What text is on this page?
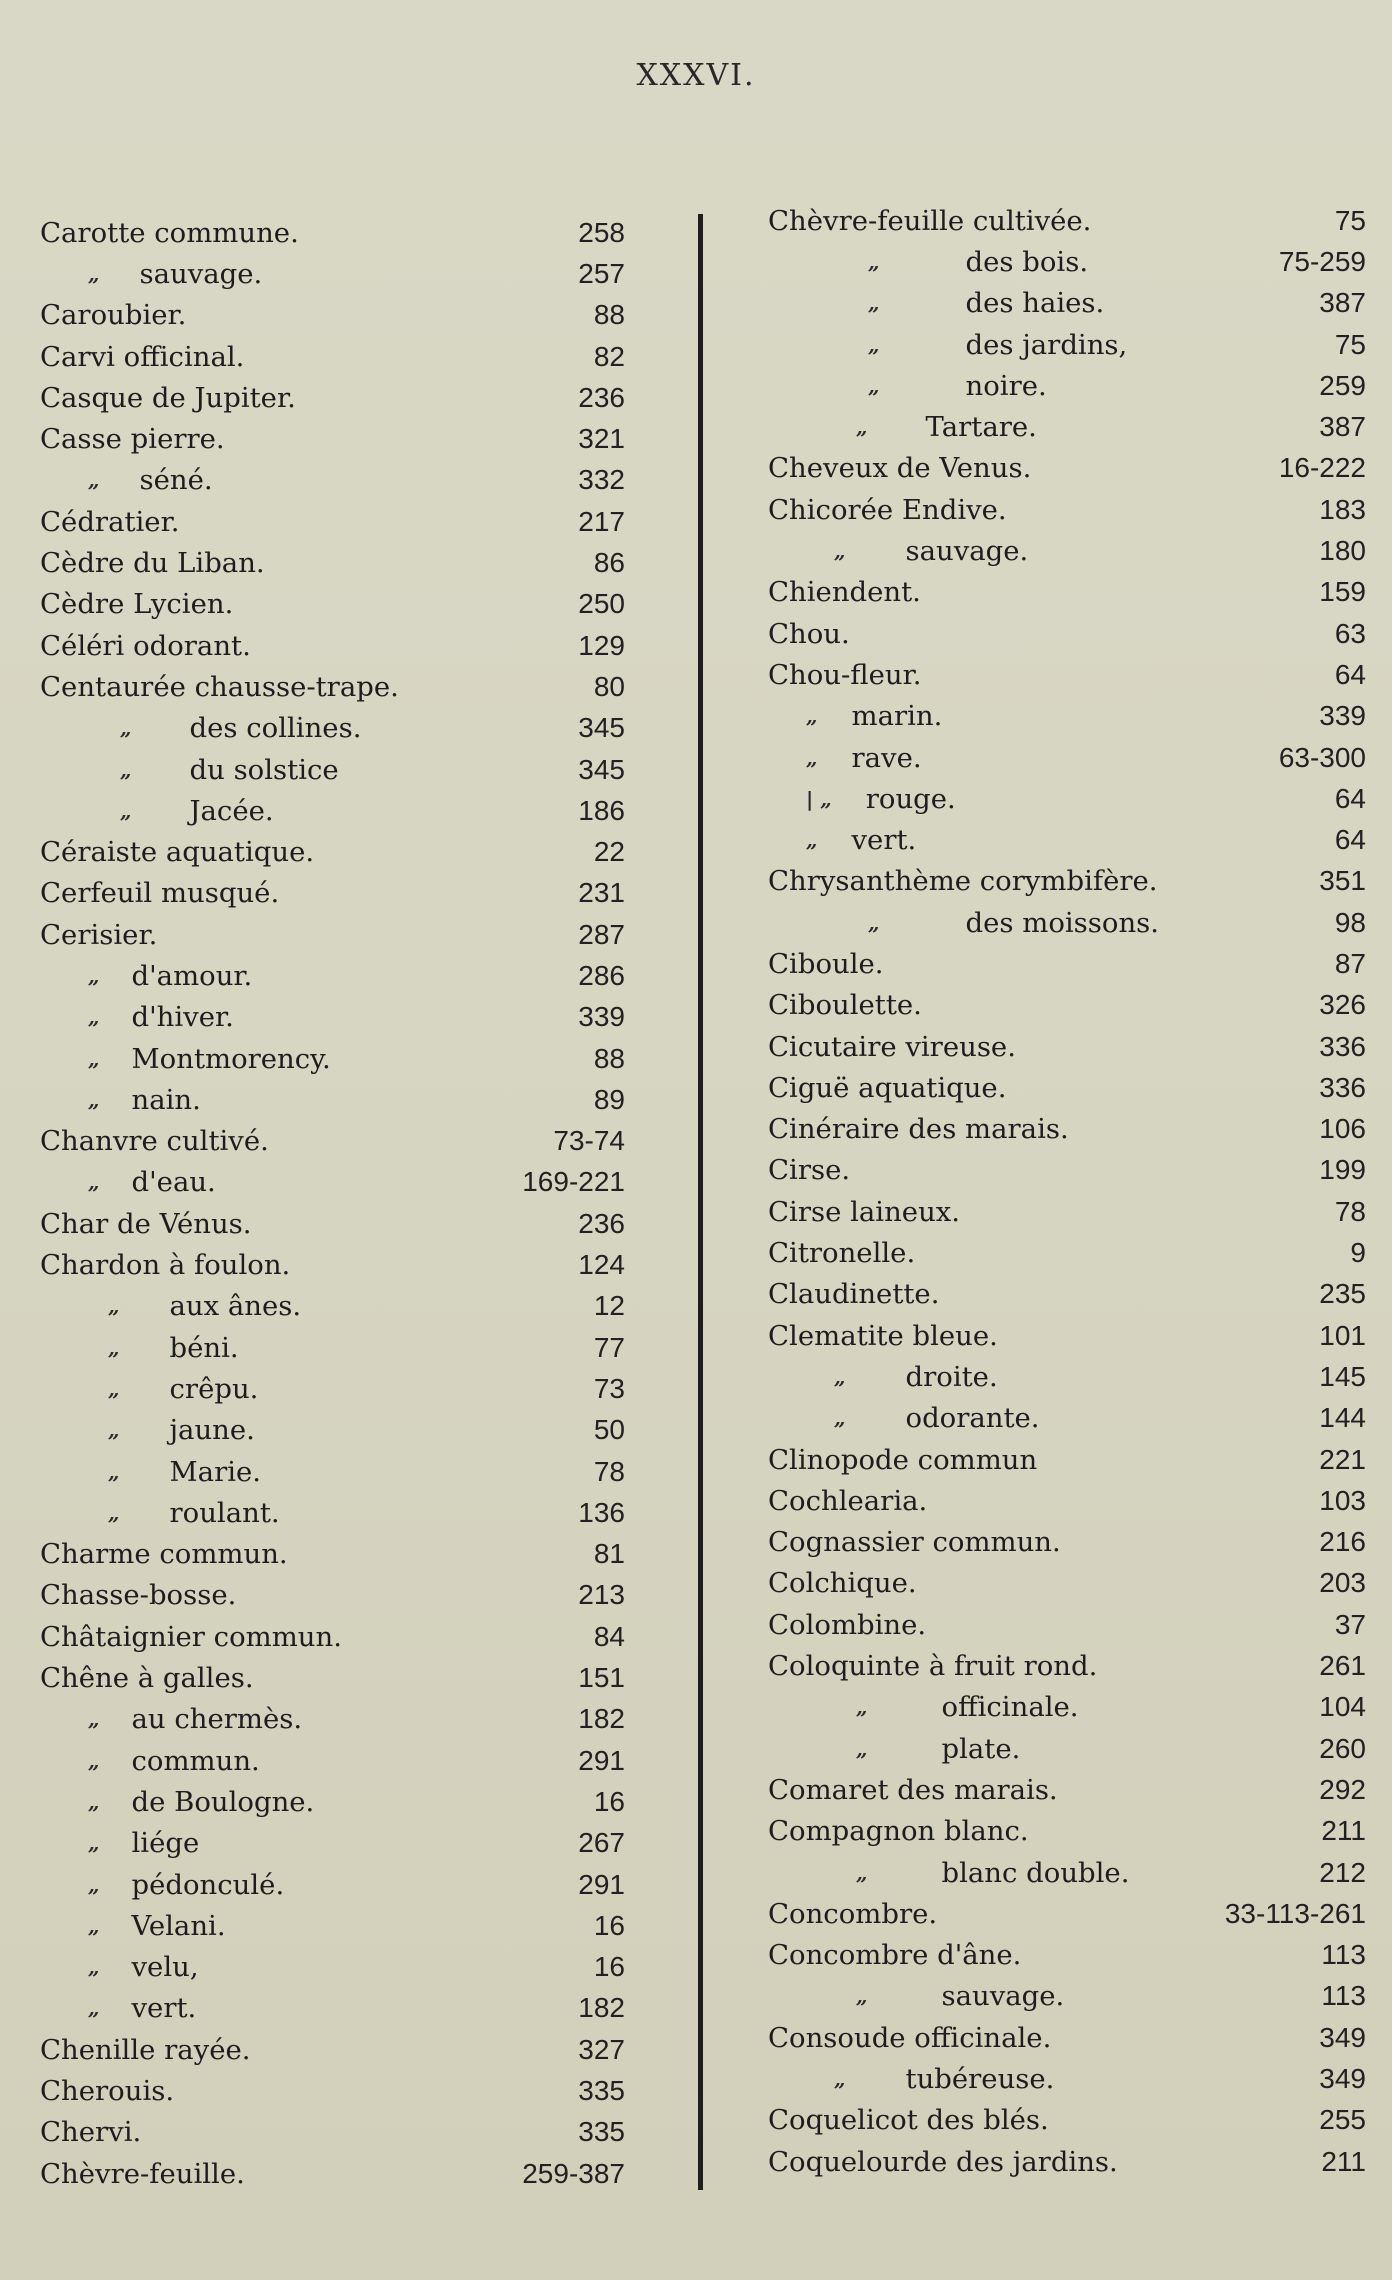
XXXVI.
Carotte commune.	258
„ sauvage.	257
Caroubier.	88
Carvi officinal.	82
Casque de Jupiter.	236
Casse pierre.	321
„ séné.	332
Cédratier.	217
Cèdre du Liban.	86
Cèdre Lycien.	250
Céléri odorant.	129
Centaurée chausse-trape.	80
„ des collines.	345
„ du solstice	345
„ Jacée.	186
Céraiste aquatique.	22
Cerfeuil musqué.	231
Cerisier.	287
„ d'amour.	286
„ d'hiver.	339
„ Montmorency.	88
„ nain.	89
Chanvre cultivé.	73-74
„ d'eau.	169-221
Char de Vénus.	236
Chardon à foulon.	124
„ aux ânes.	12
„ béni.	77
„ crêpu.	73
„ jaune.	50
„ Marie.	78
„ roulant.	136
Charme commun.	81
Chasse-bosse.	213
Châtaignier commun.	84
Chêne à galles.	151
„ au chermès.	182
„ commun.	291
„ de Boulogne.	16
„ liége	267
„ pédonculé.	291
„ Velani.	16
„ velu,	16
„ vert.	182
Chenille rayée.	327
Cherouis.	335
Chervi.	335
Chèvre-feuille.	259-387
Chèvre-feuille cultivée.	75
„	des bois.	75-259
„	des haies.	387
„	des jardins,	75
„	noire.	259
„ Tartare.	387
Cheveux de Venus.	16-222
Chicorée Endive.	183
„ sauvage.	180
Chiendent.	159
Chou.	63
Chou-fleur.	64
„ marin.	339
„ rave.	63-300
| „ rouge.	64
„ vert.	64
Chrysanthème corymbifère.	351
„	des moissons.	98
Ciboule.	87
Ciboulette.	326
Cicutaire vireuse.	336
Ciguë aquatique.	336
Cinéraire des marais.	106
Cirse.	199
Cirse laineux.	78
Citronelle.	9
Claudinette.	235
Clematite bleue.	101
„ droite.	145
„ odorante.	144
Clinopode commun	221
Cochlearia.	103
Cognassier commun.	216
Colchique.	203
Colombine.	37
Coloquinte à fruit rond.	261
„	officinale.	104
„	plate.	260
Comaret des marais.	292
Compagnon blanc.	211
„	blanc double.	212
Concombre.	33-113-261
Concombre d'âne.	113
„	sauvage.	113
Consoude officinale.	349
„ tubéreuse.	349
Coquelicot des blés.	255
Coquelourde des jardins.	211
